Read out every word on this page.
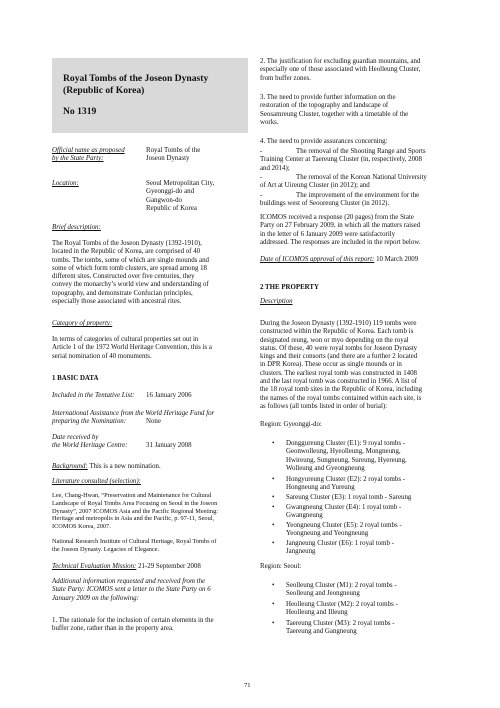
Royal Tombs of the Joseon Dynasty
(Republic of Korea)
No 1319
Official name as proposed
by the State Party:
Royal Tombs of the
Joseon Dynasty
Location:	Seoul Metropolitan City,
Gyeonggi-do and
Gangwon-do
Republic of Korea
Brief description:
The Royal Tombs of the Joseon Dynasty (1392-1910),
located in the Republic of Korea, are comprised of 40
tombs. The tombs, some of which are single mounds and
some of which form tomb clusters, are spread among 18
different sites. Constructed over five centuries, they
convey the monarchy’s world view and understanding of
topography, and demonstrate Confucian principles,
especially those associated with ancestral rites.
Category of property:
In terms of categories of cultural properties set out in
Article 1 of the 1972 World Heritage Convention, this is a
serial nomination of 40 monuments.
1 BASIC DATA
Included in the Tentative List:	16 January 2006
International Assistance from the World Heritage Fund for
preparing the Nomination:	None
Date received by
the World Heritage Centre:	31 January 2008
Background: This is a new nomination.
Literature consulted (selection):
Lee, Chang-Hwan, “Preservation and Maintenance for Cultural
Landscape of Royal Tombs Area Focusing on Seoul in the Joseon
Dynasty”, 2007 ICOMOS Asia and the Pacific Regional Meeting:
Heritage and metropolis in Asia and the Pacific, p. 97-11, Seoul,
ICOMOS Korea, 2007.
National Research Institute of Cultural Heritage, Royal Tombs of
the Joseon Dynasty. Legacies of Elegance.
Technical Evaluation Mission: 21-29 September 2008
Additional information requested and received from the
State Party: ICOMOS sent a letter to the State Party on 6
January 2009 on the following:
1. The rationale for the inclusion of certain elements in the
buffer zone, rather than in the property area.
2. The justification for excluding guardian mountains, and
especially one of those associated with Heolleung Cluster,
from buffer zones.
3. The need to provide further information on the
restoration of the topography and landscape of
Seosamreung Cluster, together with a timetable of the
works.
4. The need to provide assurances concerning:
-	The removal of the Shooting Range and Sports
Training Center at Taereung Cluster (in, respectively, 2008
and 2014);
-	The removal of the Korean National University
of Art at Uireung Cluster (in 2012); and
-	The improvement of the environment for the
buildings west of Seooreung Cluster (in 2012).
ICOMOS received a response (20 pages) from the State
Party on 27 February 2009, in which all the matters raised
in the letter of 6 January 2009 were satisfactorily
addressed. The responses are included in the report below.
Date of ICOMOS approval of this report: 10 March 2009
2 THE PROPERTY
Description
During the Joseon Dynasty (1392-1910) 119 tombs were
constructed within the Republic of Korea. Each tomb is
designated reung, won or myo depending on the royal
status. Of these, 40 were royal tombs for Joseon Dynasty
kings and their consorts (and there are a further 2 located
in DPR Korea). These occur as single mounds or in
clusters. The earliest royal tomb was constructed in 1408
and the last royal tomb was constructed in 1966. A list of
the 18 royal tomb sites in the Republic of Korea, including
the names of the royal tombs contained within each site, is
as follows (all tombs listed in order of burial):
Region: Gyeonggi-do:
• Donggureung Cluster (E1): 9 royal tombs -
Geonwolleung, Hyeolleung, Mongneung,
Hwireung, Sungneung, Sureung, Hyereung,
Wolleung and Gyeongneung
• Hongyureung Cluster (E2): 2 royal tombs -
Hongneung and Yureung
• Sareung Cluster (E3): 1 royal tomb - Sareung
• Gwangneung Cluster (E4): 1 royal tomb -
Gwangneung
• Yeongneung Cluster (E5): 2 royal tombs -
Yeongneung and Yeongneung
• Jangneung Cluster (E6): 1 royal tomb -
Jangneung
Region: Seoul:
• Seolleung Cluster (M1): 2 royal tombs -
Seolleung and Jeongneung
• Heolleung Cluster (M2): 2 royal tombs -
Heolleung and Illeung
• Taereung Cluster (M3): 2 royal tombs -
Taereung and Gangneung
71
